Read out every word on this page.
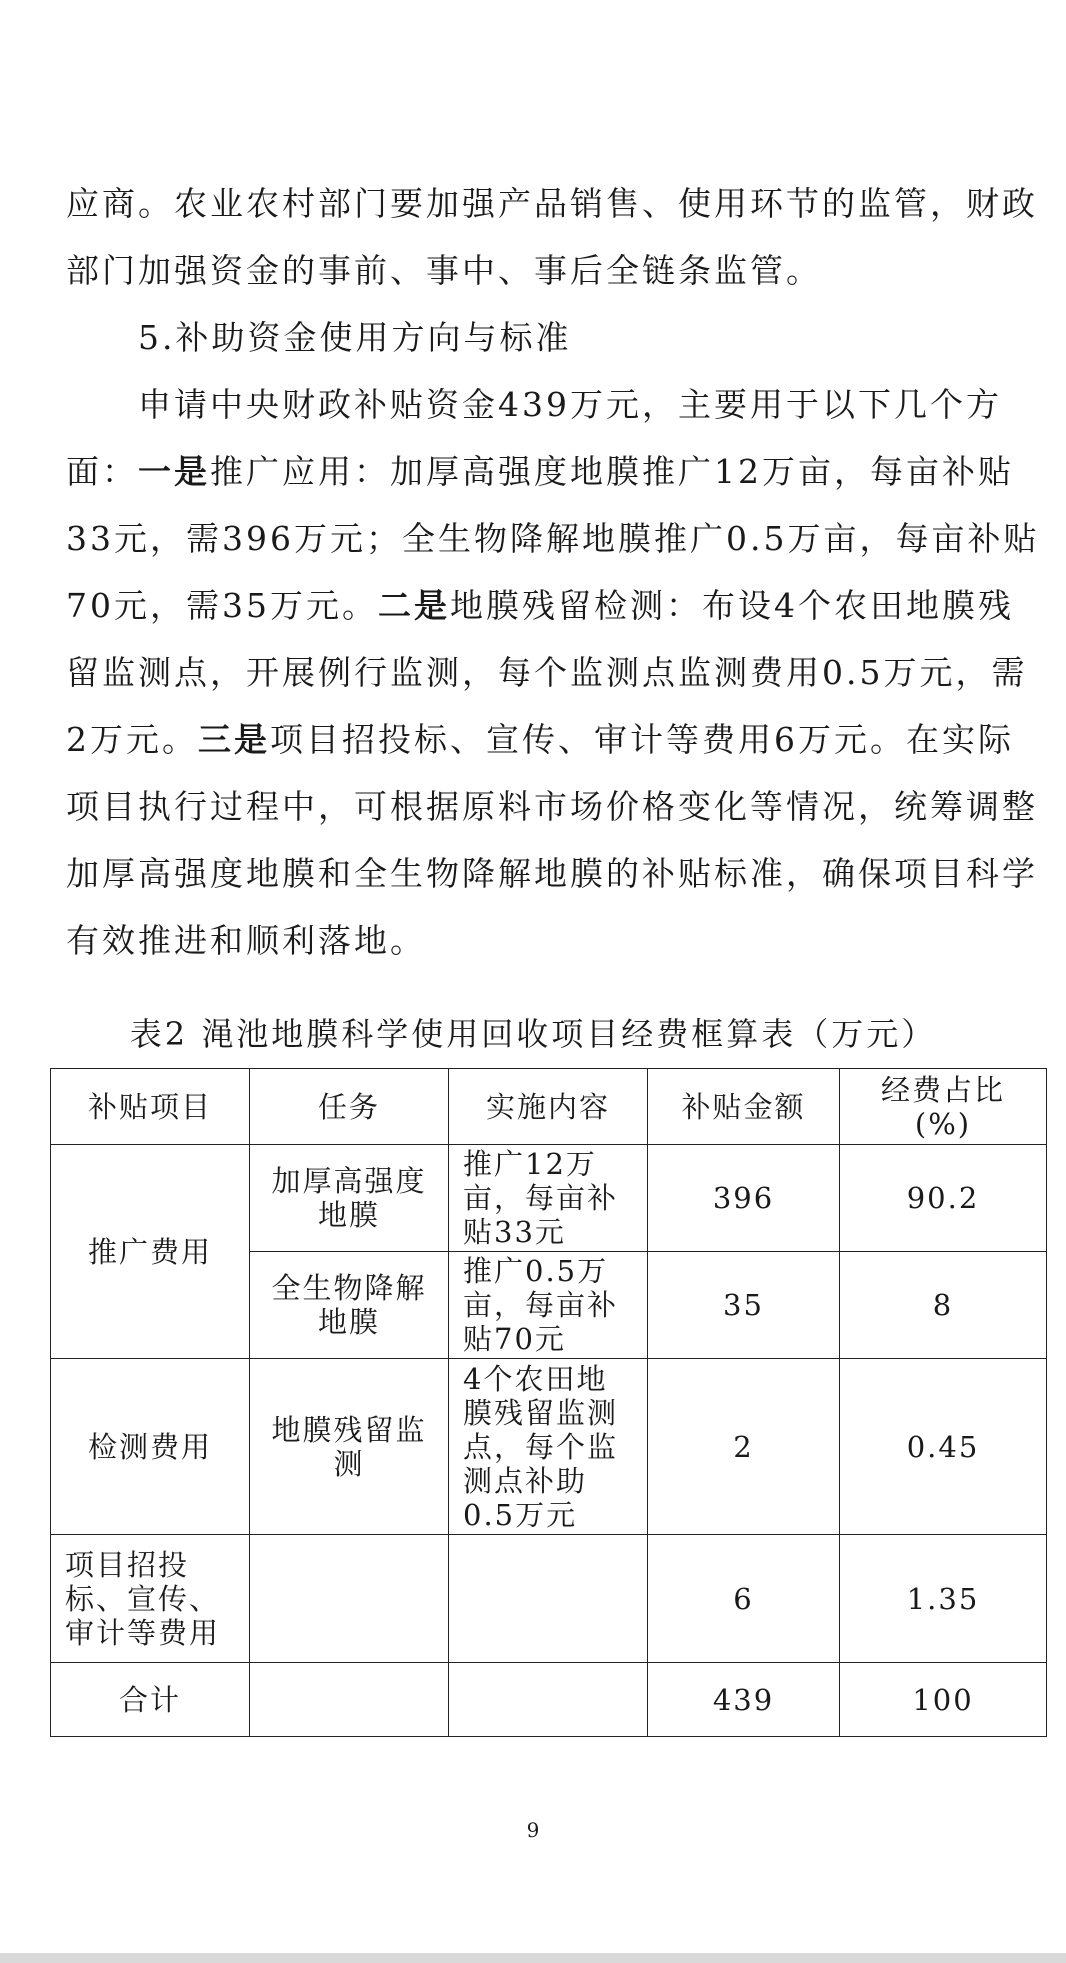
应商。农业农村部门要加强产品销售、使用环节的监管，财政部门加强资金的事前、事中、事后全链条监管。

5.补助资金使用方向与标准

申请中央财政补贴资金439万元，主要用于以下几个方面：一是推广应用：加厚高强度地膜推广12万亩，每亩补贴33元，需396万元；全生物降解地膜推广0.5万亩，每亩补贴70元，需35万元。二是地膜残留检测：布设4个农田地膜残留监测点，开展例行监测，每个监测点监测费用0.5万元，需2万元。三是项目招投标、宣传、审计等费用6万元。在实际项目执行过程中，可根据原料市场价格变化等情况，统筹调整加厚高强度地膜和全生物降解地膜的补贴标准，确保项目科学有效推进和顺利落地。

表2 渑池地膜科学使用回收项目经费框算表（万元）

补贴项目	任务	实施内容	补贴金额	经费占比(%)
推广费用	加厚高强度地膜	推广12万亩，每亩补贴33元	396	90.2
	全生物降解地膜	推广0.5万亩，每亩补贴70元	35	8
检测费用	地膜残留监测	4个农田地膜残留监测点，每个监测点补助0.5万元	2	0.45
项目招投标、宣传、审计等费用			6	1.35
合计			439	100
9
